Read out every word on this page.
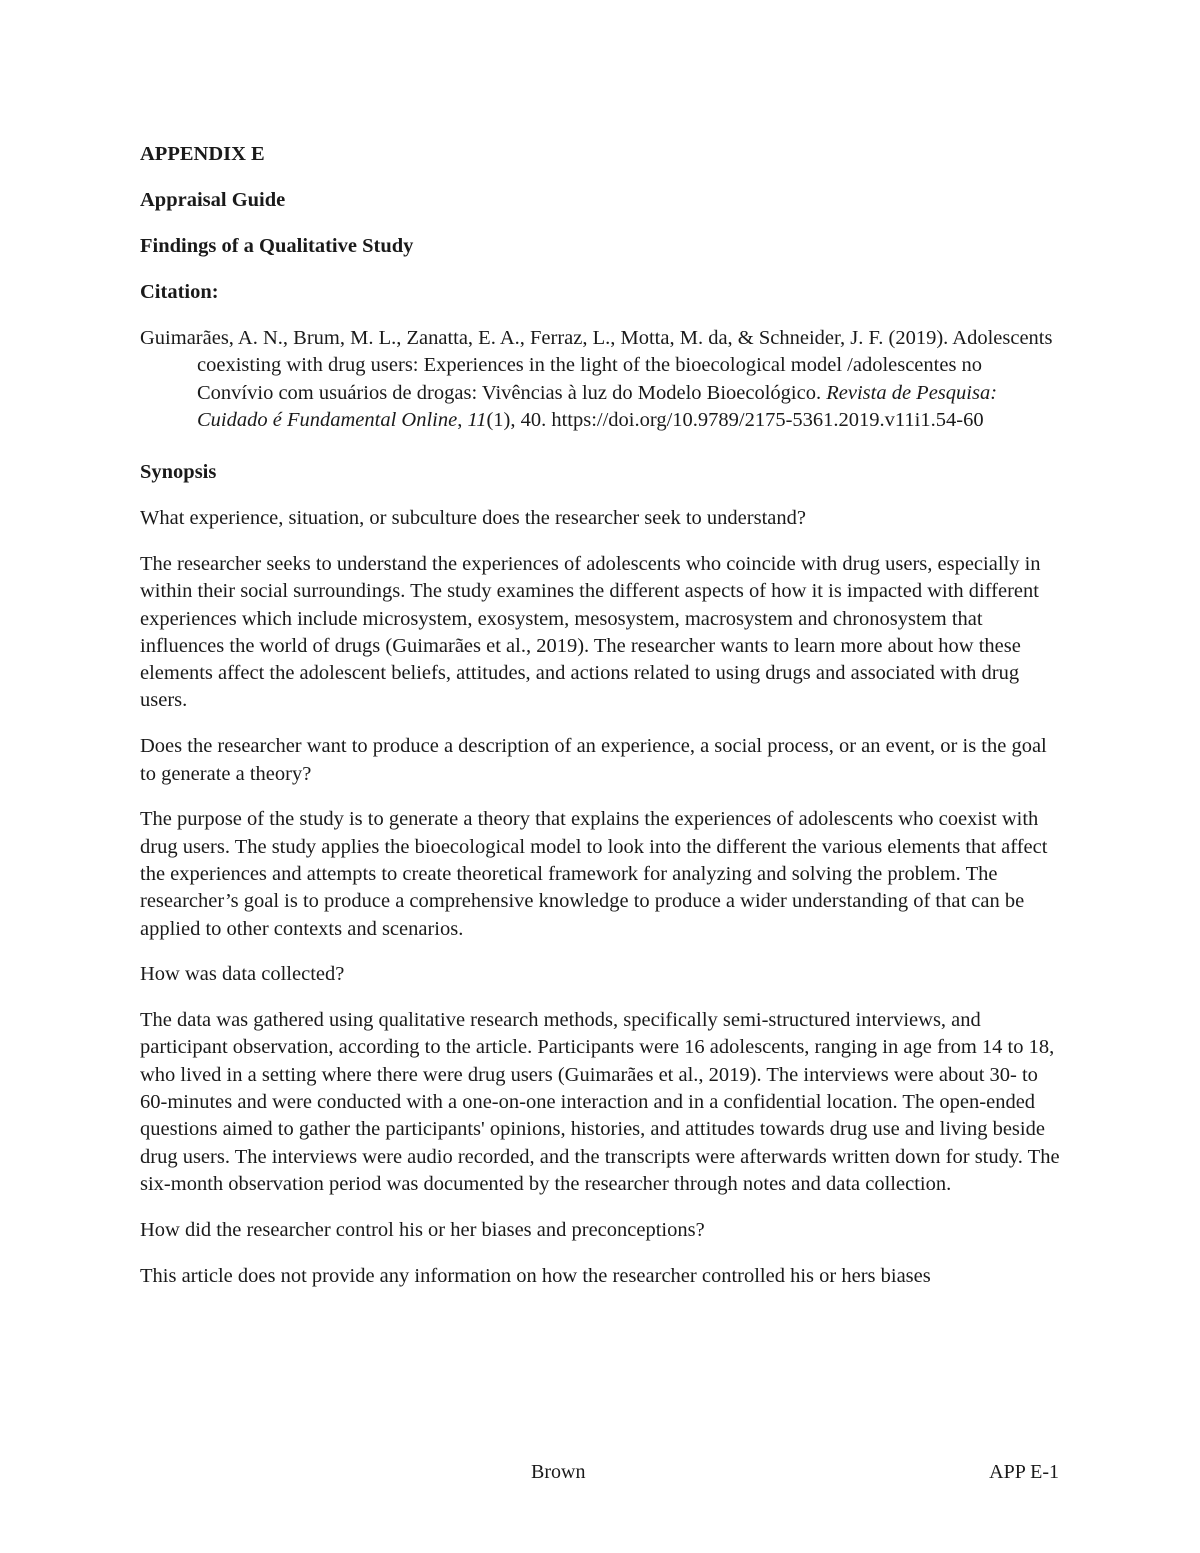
APPENDIX E

Appraisal Guide

Findings of a Qualitative Study

Citation:

Guimarães, A. N., Brum, M. L., Zanatta, E. A., Ferraz, L., Motta, M. da, & Schneider, J. F. (2019). Adolescents coexisting with drug users: Experiences in the light of the bioecological model /adolescentes no Convívio com usuários de drogas: Vivências à luz do Modelo Bioecológico. Revista de Pesquisa: Cuidado é Fundamental Online, 11(1), 40. https://doi.org/10.9789/2175-5361.2019.v11i1.54-60

Synopsis

What experience, situation, or subculture does the researcher seek to understand?

The researcher seeks to understand the experiences of adolescents who coincide with drug users, especially in within their social surroundings. The study examines the different aspects of how it is impacted with different experiences which include microsystem, exosystem, mesosystem, macrosystem and chronosystem that influences the world of drugs (Guimarães et al., 2019). The researcher wants to learn more about how these elements affect the adolescent beliefs, attitudes, and actions related to using drugs and associated with drug users.

Does the researcher want to produce a description of an experience, a social process, or an event, or is the goal to generate a theory?

The purpose of the study is to generate a theory that explains the experiences of adolescents who coexist with drug users. The study applies the bioecological model to look into the different the various elements that affect the experiences and attempts to create theoretical framework for analyzing and solving the problem. The researcher’s goal is to produce a comprehensive knowledge to produce a wider understanding of that can be applied to other contexts and scenarios.

How was data collected?

The data was gathered using qualitative research methods, specifically semi-structured interviews, and participant observation, according to the article. Participants were 16 adolescents, ranging in age from 14 to 18, who lived in a setting where there were drug users (Guimarães et al., 2019). The interviews were about 30- to 60-minutes and were conducted with a one-on-one interaction and in a confidential location. The open-ended questions aimed to gather the participants' opinions, histories, and attitudes towards drug use and living beside drug users. The interviews were audio recorded, and the transcripts were afterwards written down for study. The six-month observation period was documented by the researcher through notes and data collection.

How did the researcher control his or her biases and preconceptions?

This article does not provide any information on how the researcher controlled his or hers biases

Brown	APP E-1
